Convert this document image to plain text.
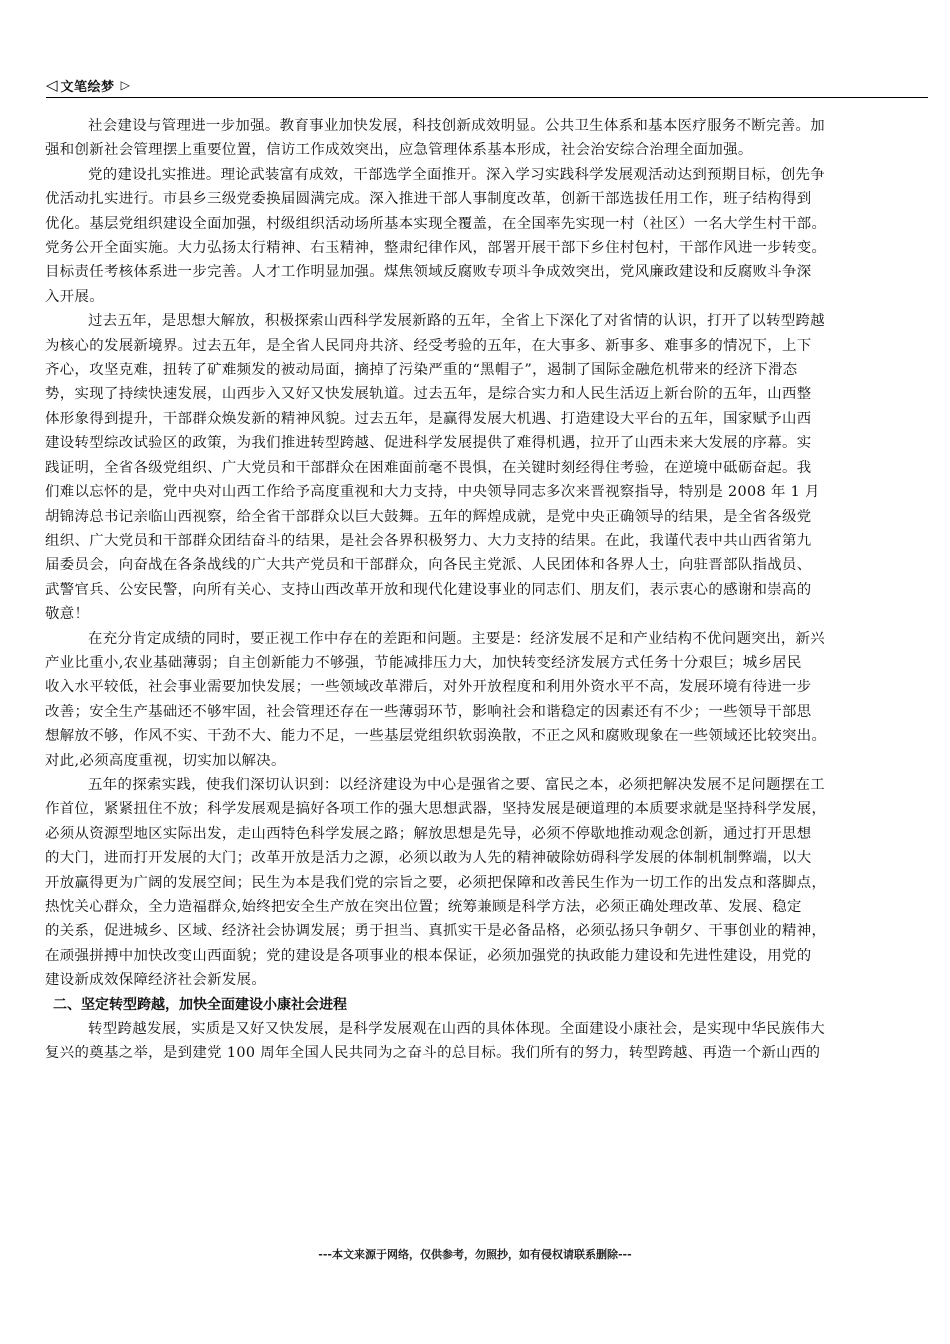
◁ 文笔绘梦 ▷
社会建设与管理进一步加强。教育事业加快发展，科技创新成效明显。公共卫生体系和基本医疗服务不断完善。加
强和创新社会管理摆上重要位置，信访工作成效突出，应急管理体系基本形成，社会治安综合治理全面加强。
党的建设扎实推进。理论武装富有成效，干部选学全面推开。深入学习实践科学发展观活动达到预期目标，创先争
优活动扎实进行。市县乡三级党委换届圆满完成。深入推进干部人事制度改革，创新干部选拔任用工作，班子结构得到
优化。基层党组织建设全面加强，村级组织活动场所基本实现全覆盖，在全国率先实现一村（社区）一名大学生村干部。
党务公开全面实施。大力弘扬太行精神、右玉精神，整肃纪律作风，部署开展干部下乡住村包村，干部作风进一步转变。
目标责任考核体系进一步完善。人才工作明显加强。煤焦领域反腐败专项斗争成效突出，党风廉政建设和反腐败斗争深
入开展。
过去五年，是思想大解放，积极探索山西科学发展新路的五年，全省上下深化了对省情的认识，打开了以转型跨越
为核心的发展新境界。过去五年，是全省人民同舟共济、经受考验的五年，在大事多、新事多、难事多的情况下，上下
齐心，攻坚克难，扭转了矿难频发的被动局面，摘掉了污染严重的“黑帽子”，遏制了国际金融危机带来的经济下滑态
势，实现了持续快速发展，山西步入又好又快发展轨道。过去五年，是综合实力和人民生活迈上新台阶的五年，山西整
体形象得到提升，干部群众焕发新的精神风貌。过去五年，是赢得发展大机遇、打造建设大平台的五年，国家赋予山西
建设转型综改试验区的政策，为我们推进转型跨越、促进科学发展提供了难得机遇，拉开了山西未来大发展的序幕。实
践证明，全省各级党组织、广大党员和干部群众在困难面前毫不畏惧，在关键时刻经得住考验，在逆境中砥砺奋起。我
们难以忘怀的是，党中央对山西工作给予高度重视和大力支持，中央领导同志多次来晋视察指导，特别是 2008 年 1 月
胡锦涛总书记亲临山西视察，给全省干部群众以巨大鼓舞。五年的辉煌成就，是党中央正确领导的结果，是全省各级党
组织、广大党员和干部群众团结奋斗的结果，是社会各界积极努力、大力支持的结果。在此，我谨代表中共山西省第九
届委员会，向奋战在各条战线的广大共产党员和干部群众，向各民主党派、人民团体和各界人士，向驻晋部队指战员、
武警官兵、公安民警，向所有关心、支持山西改革开放和现代化建设事业的同志们、朋友们，表示衷心的感谢和崇高的
敬意！
在充分肯定成绩的同时，要正视工作中存在的差距和问题。主要是：经济发展不足和产业结构不优问题突出，新兴
产业比重小,农业基础薄弱；自主创新能力不够强，节能减排压力大，加快转变经济发展方式任务十分艰巨；城乡居民
收入水平较低，社会事业需要加快发展；一些领域改革滞后，对外开放程度和利用外资水平不高，发展环境有待进一步
改善；安全生产基础还不够牢固，社会管理还存在一些薄弱环节，影响社会和谐稳定的因素还有不少；一些领导干部思
想解放不够，作风不实、干劲不大、能力不足，一些基层党组织软弱涣散，不正之风和腐败现象在一些领域还比较突出。
对此,必须高度重视，切实加以解决。
五年的探索实践，使我们深切认识到：以经济建设为中心是强省之要、富民之本，必须把解决发展不足问题摆在工
作首位，紧紧扭住不放；科学发展观是搞好各项工作的强大思想武器，坚持发展是硬道理的本质要求就是坚持科学发展，
必须从资源型地区实际出发，走山西特色科学发展之路；解放思想是先导，必须不停歇地推动观念创新，通过打开思想
的大门，进而打开发展的大门；改革开放是活力之源，必须以敢为人先的精神破除妨碍科学发展的体制机制弊端，以大
开放赢得更为广阔的发展空间；民生为本是我们党的宗旨之要，必须把保障和改善民生作为一切工作的出发点和落脚点，
热忱关心群众，全力造福群众,始终把安全生产放在突出位置；统筹兼顾是科学方法，必须正确处理改革、发展、稳定
的关系，促进城乡、区域、经济社会协调发展；勇于担当、真抓实干是必备品格，必须弘扬只争朝夕、干事创业的精神，
在顽强拼搏中加快改变山西面貌；党的建设是各项事业的根本保证，必须加强党的执政能力建设和先进性建设，用党的
建设新成效保障经济社会新发展。
二、坚定转型跨越，加快全面建设小康社会进程
转型跨越发展，实质是又好又快发展，是科学发展观在山西的具体体现。全面建设小康社会，是实现中华民族伟大
复兴的奠基之举，是到建党 100 周年全国人民共同为之奋斗的总目标。我们所有的努力，转型跨越、再造一个新山西的
---本文来源于网络，仅供参考，勿照抄，如有侵权请联系删除---
